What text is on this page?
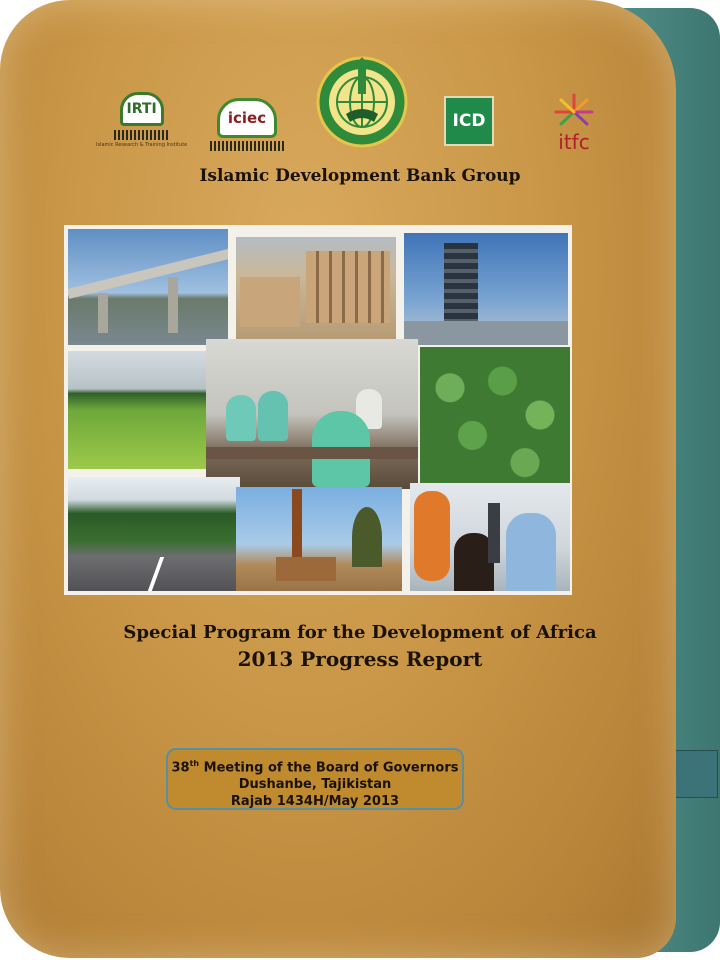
IRTI
Islamic Research & Training Institute
iciec	ICD
itfc
Islamic Development Bank Group
Special Program for the Development of Africa
2013 Progress Report
38th Meeting of the Board of Governors
Dushanbe, Tajikistan
Rajab 1434H/May 2013
